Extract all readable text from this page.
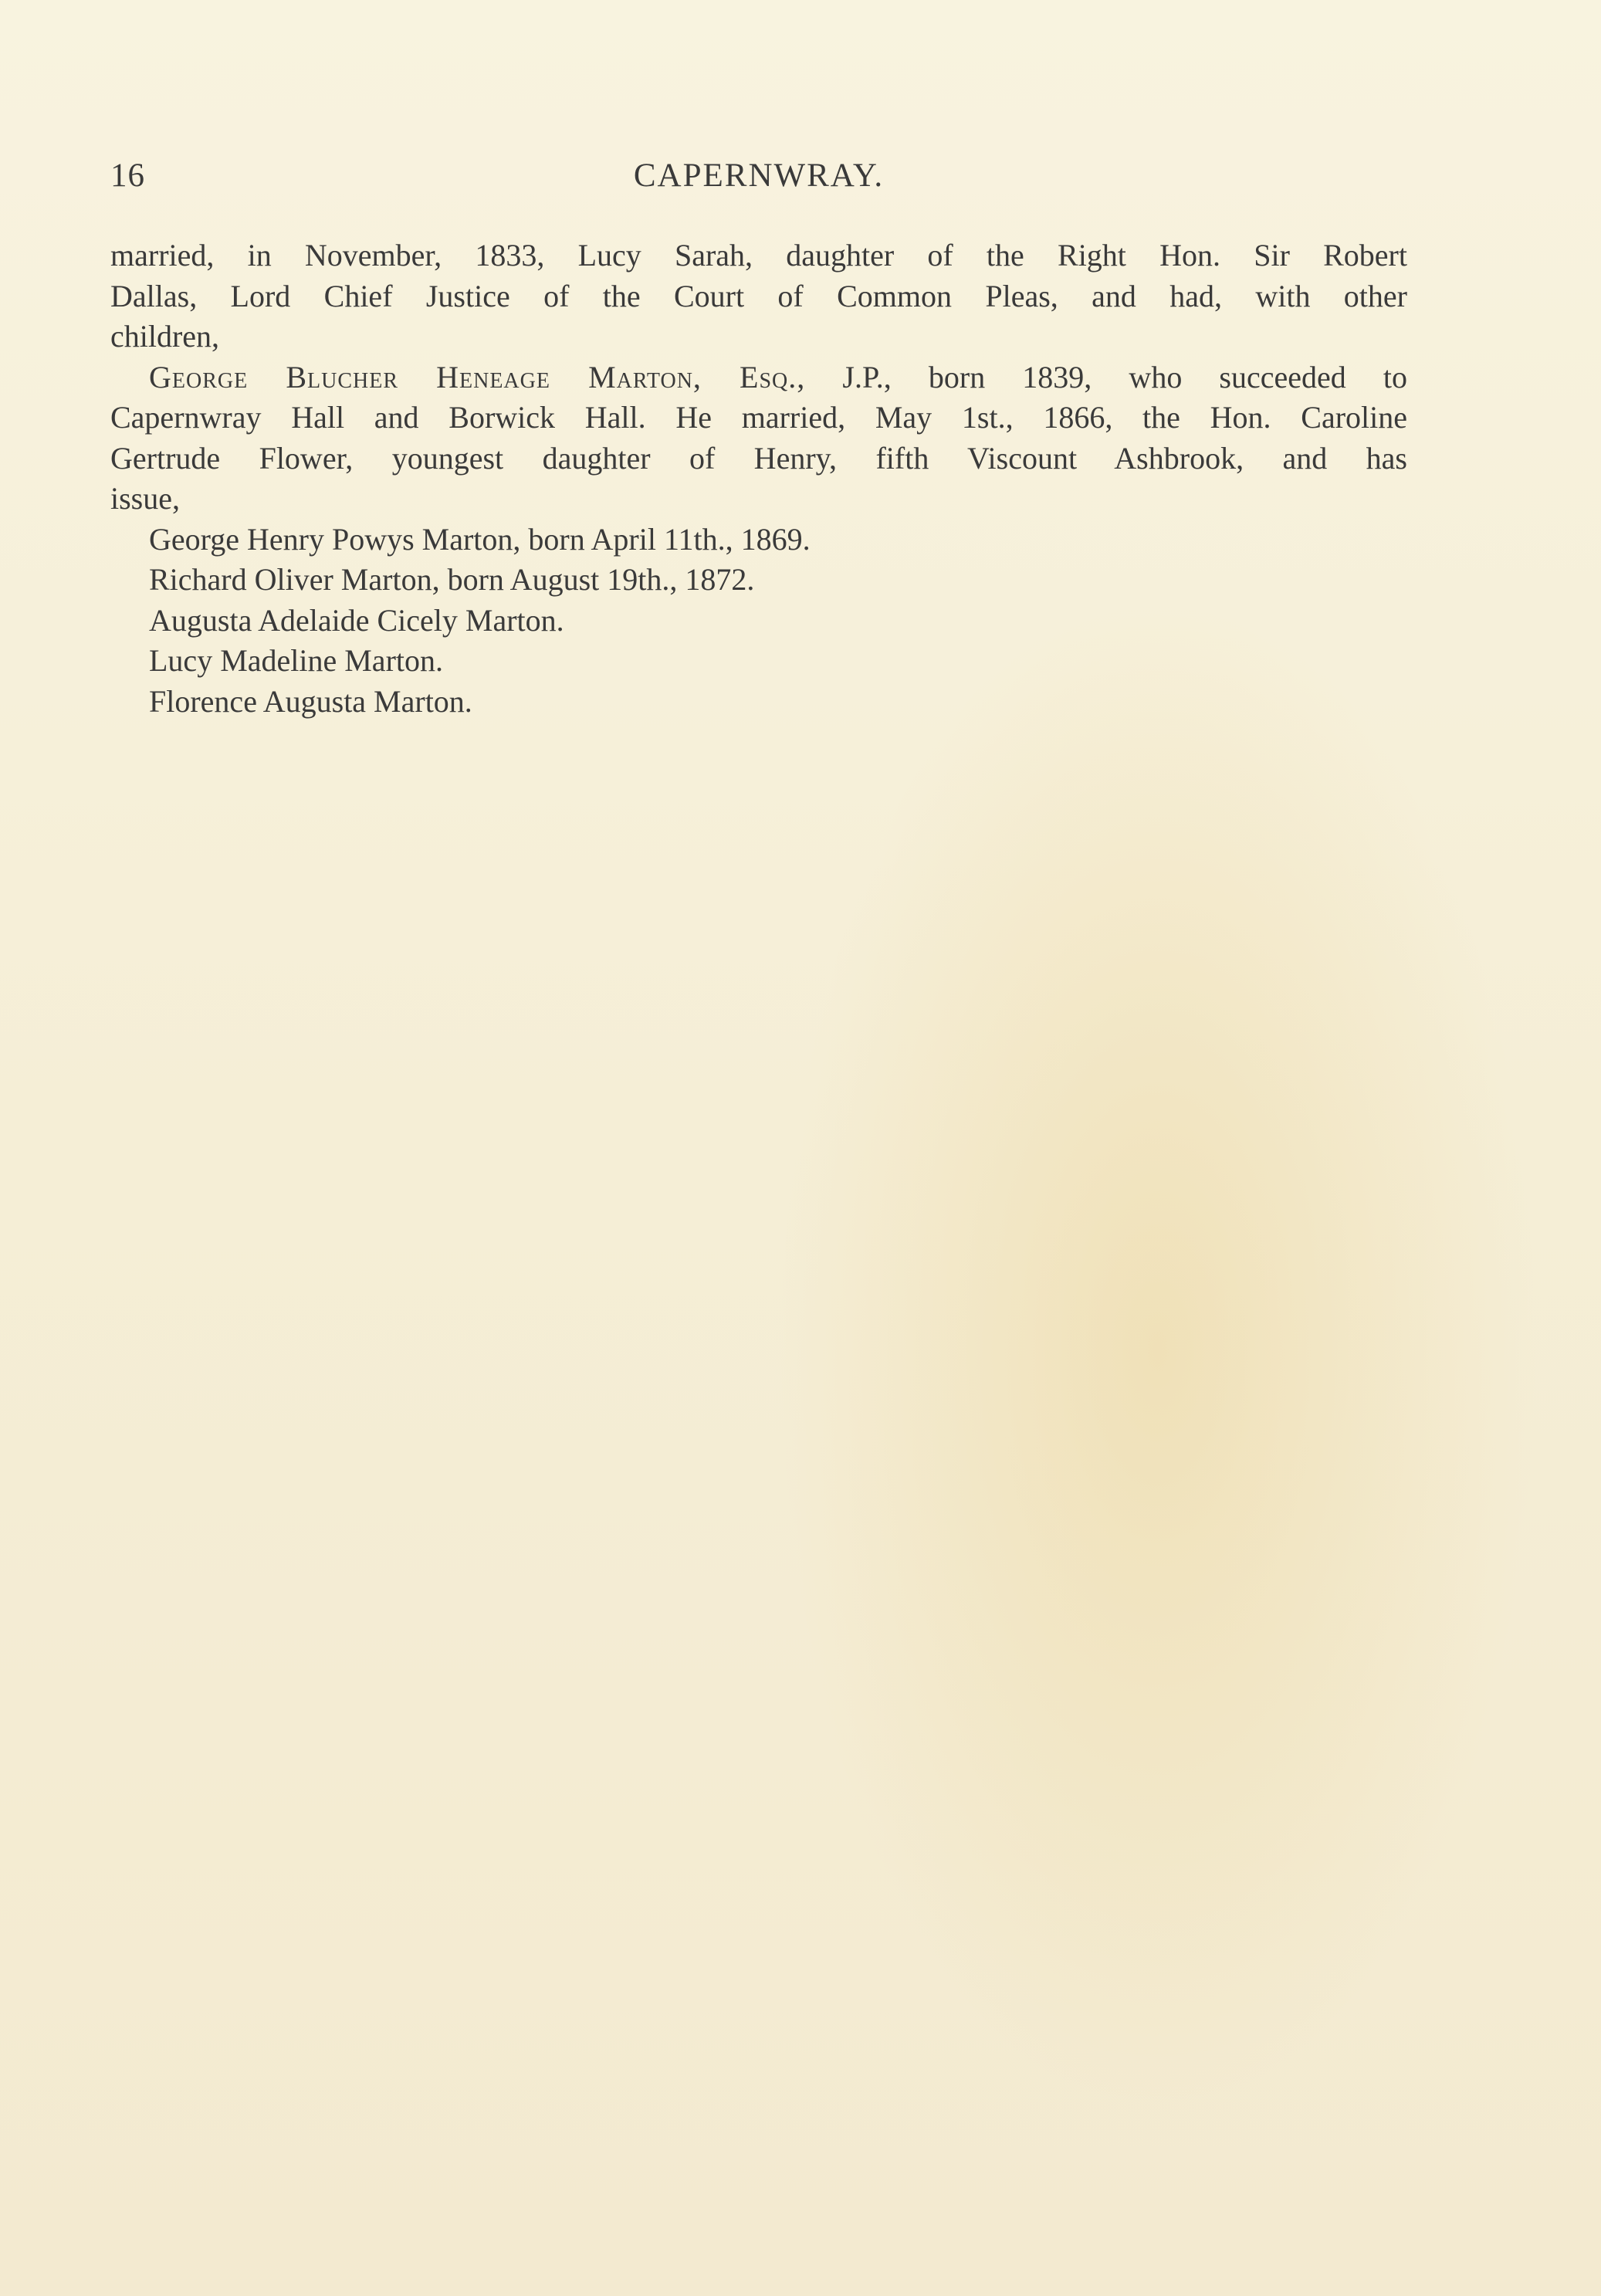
16	CAPERNWRAY.
married, in November, 1833, Lucy Sarah, daughter of the Right Hon. Sir Robert
Dallas, Lord Chief Justice of the Court of Common Pleas, and had, with other
children,
George Blucher Heneage Marton, Esq., J.P., born 1839, who succeeded to
Capernwray Hall and Borwick Hall. He married, May 1st., 1866, the Hon. Caroline
Gertrude Flower, youngest daughter of Henry, fifth Viscount Ashbrook, and has
issue,
George Henry Powys Marton, born April 11th., 1869.
Richard Oliver Marton, born August 19th., 1872.
Augusta Adelaide Cicely Marton.
Lucy Madeline Marton.
Florence Augusta Marton.
